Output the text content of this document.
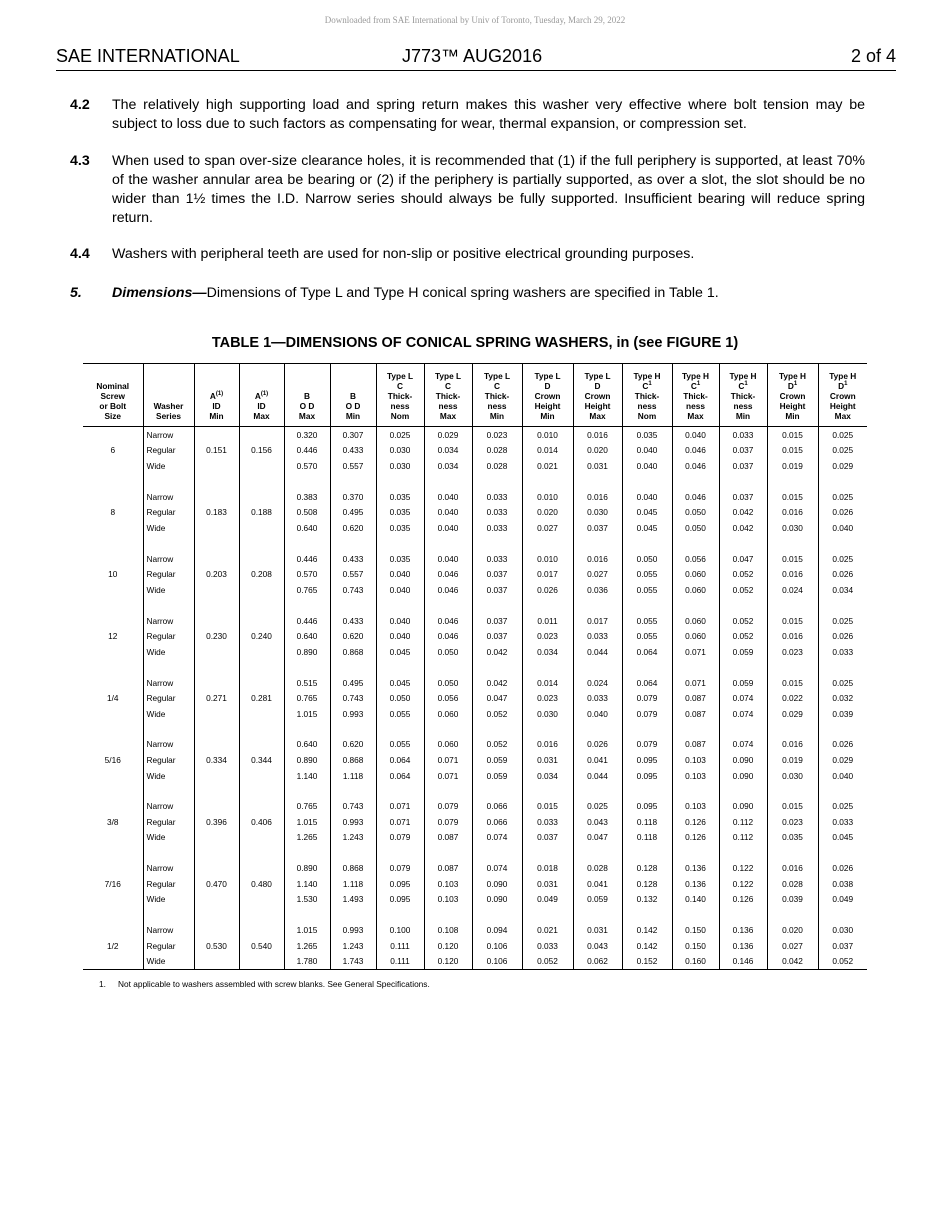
Downloaded from SAE International by Univ of Toronto, Tuesday, March 29, 2022
SAE INTERNATIONAL	J773™ AUG2016	2 of 4
4.2 The relatively high supporting load and spring return makes this washer very effective where bolt tension may be subject to loss due to such factors as compensating for wear, thermal expansion, or compression set.
4.3 When used to span over-size clearance holes, it is recommended that (1) if the full periphery is supported, at least 70% of the washer annular area be bearing or (2) if the periphery is partially supported, as over a slot, the slot should be no wider than 1½ times the I.D. Narrow series should always be fully supported. Insufficient bearing will reduce spring return.
4.4 Washers with peripheral teeth are used for non-slip or positive electrical grounding purposes.
5. Dimensions—Dimensions of Type L and Type H conical spring washers are specified in Table 1.
TABLE 1—DIMENSIONS OF CONICAL SPRING WASHERS, in (see FIGURE 1)
Nominal
Screw
or Bolt
Size	Washer
Series	$A^{(1)}$
ID
Min	$A^{(1)}$
ID
Max	B
O D
Max	B
O D
Min	Type L
C
Thick-
ness
Nom	Type L
C
Thick-
ness
Max	Type L
C
Thick-
ness
Min	Type L
D
Crown
Height
Min	Type L
D
Crown
Height
Max	Type H
$C^1$
Thick-
ness
Nom	Type H
$C^1$
Thick-
ness
Max	Type H
$C^1$
Thick-
ness
Min	Type H
$D^1$
Crown
Height
Min	Type H
$D^1$
Crown
Height
Max
	Narrow			0.320	0.307	0.025	0.029	0.023	0.010	0.016	0.035	0.040	0.033	0.015	0.025
6	Regular	0.151	0.156	0.446	0.433	0.030	0.034	0.028	0.014	0.020	0.040	0.046	0.037	0.015	0.025
	Wide			0.570	0.557	0.030	0.034	0.028	0.021	0.031	0.040	0.046	0.037	0.019	0.029

	Narrow			0.383	0.370	0.035	0.040	0.033	0.010	0.016	0.040	0.046	0.037	0.015	0.025
8	Regular	0.183	0.188	0.508	0.495	0.035	0.040	0.033	0.020	0.030	0.045	0.050	0.042	0.016	0.026
	Wide			0.640	0.620	0.035	0.040	0.033	0.027	0.037	0.045	0.050	0.042	0.030	0.040

	Narrow			0.446	0.433	0.035	0.040	0.033	0.010	0.016	0.050	0.056	0.047	0.015	0.025
10	Regular	0.203	0.208	0.570	0.557	0.040	0.046	0.037	0.017	0.027	0.055	0.060	0.052	0.016	0.026
	Wide			0.765	0.743	0.040	0.046	0.037	0.026	0.036	0.055	0.060	0.052	0.024	0.034

	Narrow			0.446	0.433	0.040	0.046	0.037	0.011	0.017	0.055	0.060	0.052	0.015	0.025
12	Regular	0.230	0.240	0.640	0.620	0.040	0.046	0.037	0.023	0.033	0.055	0.060	0.052	0.016	0.026
	Wide			0.890	0.868	0.045	0.050	0.042	0.034	0.044	0.064	0.071	0.059	0.023	0.033

	Narrow			0.515	0.495	0.045	0.050	0.042	0.014	0.024	0.064	0.071	0.059	0.015	0.025
1/4	Regular	0.271	0.281	0.765	0.743	0.050	0.056	0.047	0.023	0.033	0.079	0.087	0.074	0.022	0.032
	Wide			1.015	0.993	0.055	0.060	0.052	0.030	0.040	0.079	0.087	0.074	0.029	0.039

	Narrow			0.640	0.620	0.055	0.060	0.052	0.016	0.026	0.079	0.087	0.074	0.016	0.026
5/16	Regular	0.334	0.344	0.890	0.868	0.064	0.071	0.059	0.031	0.041	0.095	0.103	0.090	0.019	0.029
	Wide			1.140	1.118	0.064	0.071	0.059	0.034	0.044	0.095	0.103	0.090	0.030	0.040

	Narrow			0.765	0.743	0.071	0.079	0.066	0.015	0.025	0.095	0.103	0.090	0.015	0.025
3/8	Regular	0.396	0.406	1.015	0.993	0.071	0.079	0.066	0.033	0.043	0.118	0.126	0.112	0.023	0.033
	Wide			1.265	1.243	0.079	0.087	0.074	0.037	0.047	0.118	0.126	0.112	0.035	0.045

	Narrow			0.890	0.868	0.079	0.087	0.074	0.018	0.028	0.128	0.136	0.122	0.016	0.026
7/16	Regular	0.470	0.480	1.140	1.118	0.095	0.103	0.090	0.031	0.041	0.128	0.136	0.122	0.028	0.038
	Wide			1.530	1.493	0.095	0.103	0.090	0.049	0.059	0.132	0.140	0.126	0.039	0.049

	Narrow			1.015	0.993	0.100	0.108	0.094	0.021	0.031	0.142	0.150	0.136	0.020	0.030
1/2	Regular	0.530	0.540	1.265	1.243	0.111	0.120	0.106	0.033	0.043	0.142	0.150	0.136	0.027	0.037
	Wide			1.780	1.743	0.111	0.120	0.106	0.052	0.062	0.152	0.160	0.146	0.042	0.052
1. Not applicable to washers assembled with screw blanks. See General Specifications.
